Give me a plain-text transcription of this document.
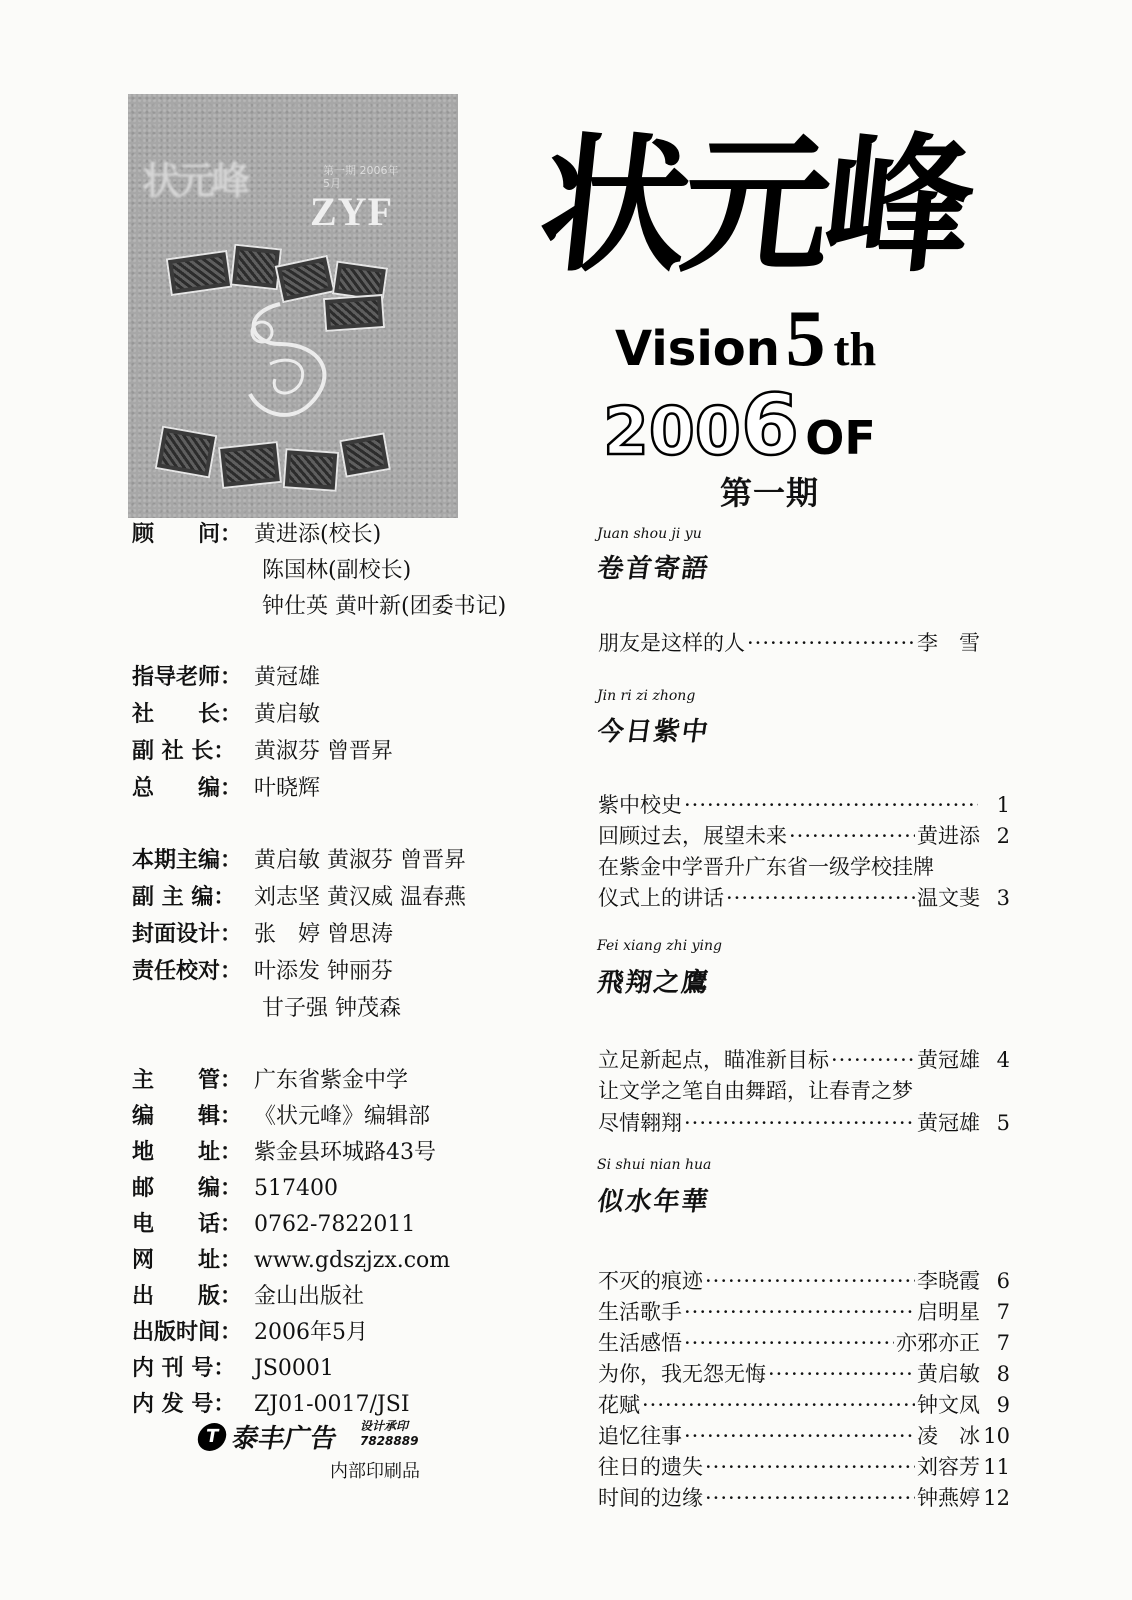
状元峰	第一期 2006年5月
ZYF 状元峰
Vision 5 th
2006 OF
第一期
顾　　问： 黄进添(校长)
陈国林(副校长)
钟仕英 黄叶新(团委书记)
指导老师： 黄冠雄
社　　长： 黄启敏
副 社 长： 黄淑芬 曾晋昇
总　　编： 叶晓辉
本期主编： 黄启敏 黄淑芬 曾晋昇
副 主 编： 刘志坚 黄汉威 温春燕
封面设计： 张　婷 曾思涛
责任校对： 叶添发 钟丽芬
甘子强 钟茂森
主　　管： 广东省紫金中学
编　　辑： 《状元峰》编辑部
地　　址： 紫金县环城路43号
邮　　编： 517400
电　　话： 0762-7822011
网　　址： www.gdszjzx.com
出　　版： 金山出版社
出版时间： 2006年5月
内 刊 号： JS0001
内 发 号： ZJ01-0017/JSI
T 泰丰广告 设计承印
7828889
内部印刷品
Juan shou ji yu
卷首寄語
朋友是这样的人 ·····	李　雪
Jin ri zi zhong
今日紫中
紫中校史 ·····	1
回顾过去，展望未来 ·····	黄进添 2
在紫金中学晋升广东省一级学校挂牌
仪式上的讲话 ·····	温文斐 3
Fei xiang zhi ying
飛翔之鷹
立足新起点，瞄准新目标 ·····	黄冠雄 4
让文学之笔自由舞蹈，让春青之梦
尽情翱翔 ·····	黄冠雄 5
Si shui nian hua
似水年華
不灭的痕迹 ·····	李晓霞 6
生活歌手 ·····	启明星 7
生活感悟 ·····	亦邪亦正 7
为你，我无怨无悔 ·····	黄启敏 8
花赋 ·····	钟文凤 9
追忆往事 ·····	凌　冰 10
往日的遗失 ·····	刘容芳 11
时间的边缘 ·····	钟燕婷 12
